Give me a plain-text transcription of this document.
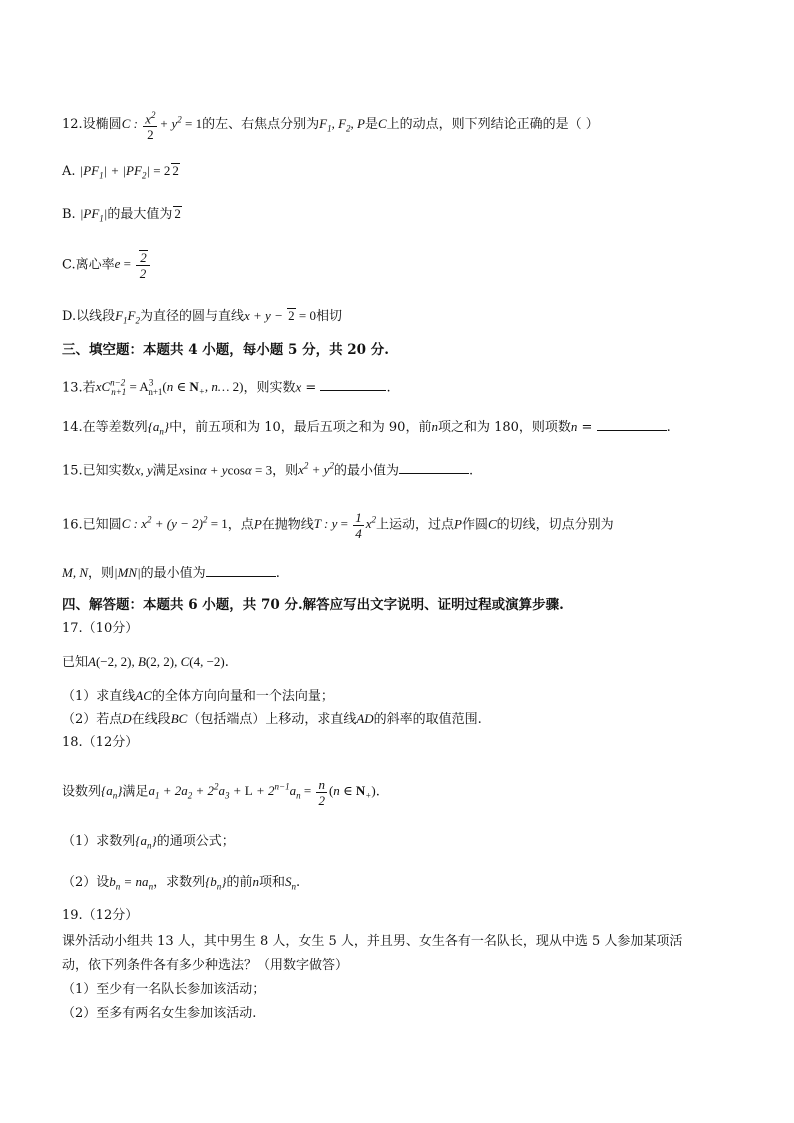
12.设椭圆C : $\frac{x^2}{2} + y^2 = 1$的左、右焦点分别为$F_1$, $F_2$, P是C上的动点，则下列结论正确的是（ ）
A. $|PF_1| + |PF_2| = 2$ 2
B. $|PF_1|$的最大值为 2
C.离心率$e = \frac{2}{2}$
D.以线段$F_1F_2$为直径的圆与直线x + y − 2 = 0相切
三、填空题：本题共 4 小题，每小题 5 分，共 20 分.
13.若$xC^{n-2}_{n+1} = A^3_{n+1}(n$ ∈ $N_+$, n… 2)，则实数x =	.
14.在等差数列$\{a_n\}$中，前五项和为 10，最后五项之和为 90，前n项之和为 180，则项数n =	.
15.已知实数x, y满足xsinα + ycosα = 3，则$x^2 + y^2$的最小值为	.
16.已知圆C : $x^2 + (y - 2)^2 = 1$，点P在抛物线T : $y = \frac{1}{4} x^2$上运动，过点P作圆C的切线，切点分别为
M, N，则|MN|的最小值为	.
四、解答题：本题共 6 小题，共 70 分.解答应写出文字说明、证明过程或演算步骤.
17.（10分）
已知A(−2, 2), B(2, 2), C(4, −2).
（1）求直线AC的全体方向向量和一个法向量；
（2）若点D在线段BC（包括端点）上移动，求直线AD的斜率的取值范围.
18.（12分）
设数列$\{a_n\}$满足$a_1 + 2a_2 + 2^2a_3 + L + 2^{n-1}a_n = \frac{n}{2} (n$ ∈ $N_+$).
（1）求数列$\{a_n\}$的通项公式；
（2）设$b_n = na_n$，求数列$\{b_n\}$的前n项和$S_n$.
19.（12分）
课外活动小组共 13 人，其中男生 8 人，女生 5 人，并且男、女生各有一名队长，现从中选 5 人参加某项活
动，依下列条件各有多少种选法？（用数字做答）
（1）至少有一名队长参加该活动；
（2）至多有两名女生参加该活动.
